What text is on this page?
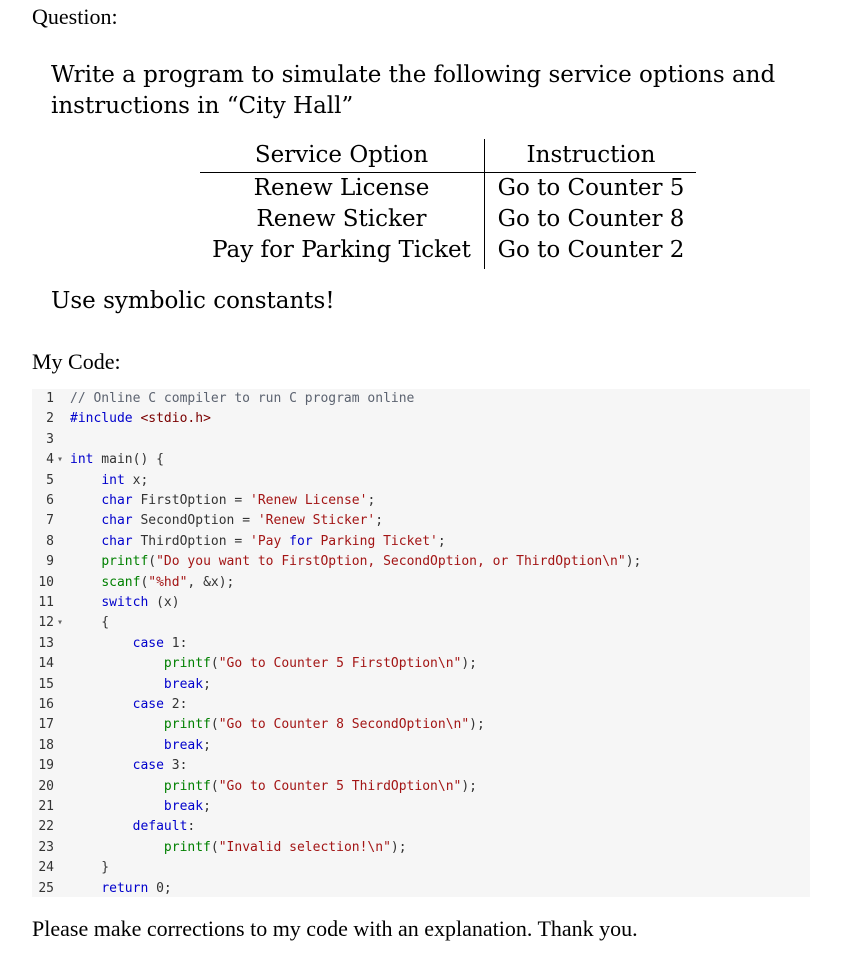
Question:
Write a program to simulate the following service options and
instructions in “City Hall”
Service Option	Instruction
Renew License	Go to Counter 5
Renew Sticker	Go to Counter 8
Pay for Parking Ticket	Go to Counter 2
Use symbolic constants!
My Code:
1 // Online C compiler to run C program online
2 #include <stdio.h>
3
4 ▾ int main() {
5	int x;
6	char FirstOption = 'Renew License';
7	char SecondOption = 'Renew Sticker';
8	char ThirdOption = 'Pay for Parking Ticket';
9	printf("Do you want to FirstOption, SecondOption, or ThirdOption\n");
10	scanf("%hd", &x);
11	switch (x)
12 ▾ {
13	case 1:
14	printf("Go to Counter 5 FirstOption\n");
15	break;
16	case 2:
17	printf("Go to Counter 8 SecondOption\n");
18	break;
19	case 3:
20	printf("Go to Counter 5 ThirdOption\n");
21	break;
22	default:
23	printf("Invalid selection!\n");
24 }
25	return 0;
Please make corrections to my code with an explanation. Thank you.
